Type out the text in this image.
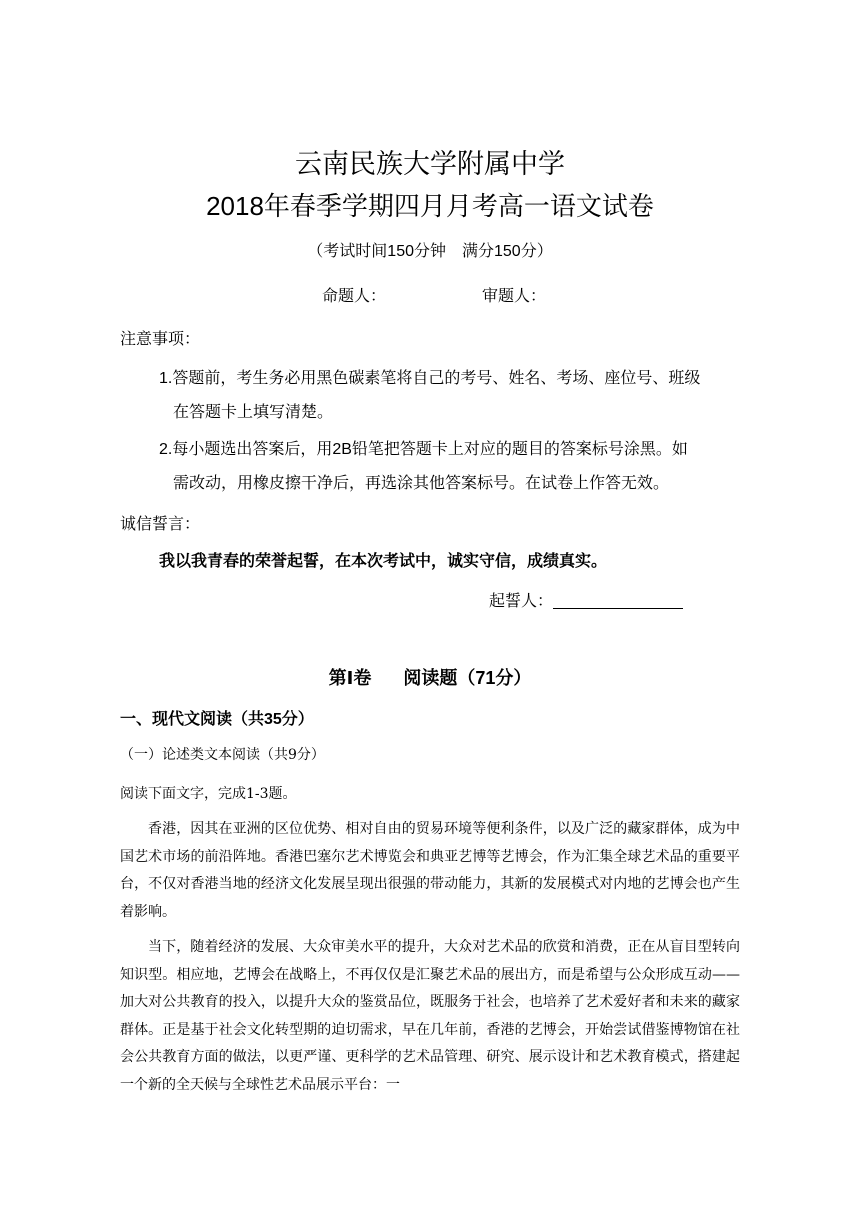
云南民族大学附属中学
2018年春季学期四月月考高一语文试卷
（考试时间150分钟　满分150分）
命题人：	审题人：
注意事项：
1.答题前，考生务必用黑色碳素笔将自己的考号、姓名、考场、座位号、班级
在答题卡上填写清楚。
2.每小题选出答案后，用2B铅笔把答题卡上对应的题目的答案标号涂黑。如
需改动，用橡皮擦干净后，再选涂其他答案标号。在试卷上作答无效。
诚信誓言：
我以我青春的荣誉起誓，在本次考试中，诚实守信，成绩真实。
起誓人：
第Ⅰ卷 阅读题（71分）
一、现代文阅读（共35分）
（一）论述类文本阅读（共9分）
阅读下面文字，完成1-3题。

香港，因其在亚洲的区位优势、相对自由的贸易环境等便利条件，以及广泛的藏家群体，成为中国艺术市场的前沿阵地。香港巴塞尔艺术博览会和典亚艺博等艺博会，作为汇集全球艺术品的重要平台，不仅对香港当地的经济文化发展呈现出很强的带动能力，其新的发展模式对内地的艺博会也产生着影响。

当下，随着经济的发展、大众审美水平的提升，大众对艺术品的欣赏和消费，正在从盲目型转向知识型。相应地，艺博会在战略上，不再仅仅是汇聚艺术品的展出方，而是希望与公众形成互动——加大对公共教育的投入，以提升大众的鉴赏品位，既服务于社会，也培养了艺术爱好者和未来的藏家群体。正是基于社会文化转型期的迫切需求，早在几年前，香港的艺博会，开始尝试借鉴博物馆在社会公共教育方面的做法，以更严谨、更科学的艺术品管理、研究、展示设计和艺术教育模式，搭建起一个新的全天候与全球性艺术品展示平台：一
